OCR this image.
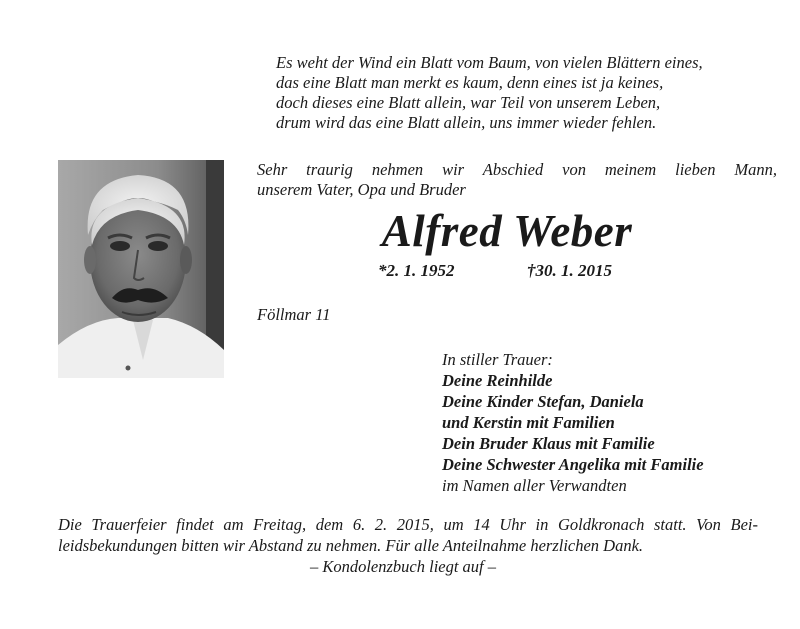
Es weht der Wind ein Blatt vom Baum, von vielen Blättern eines,
das eine Blatt man merkt es kaum, denn eines ist ja keines,
doch dieses eine Blatt allein, war Teil von unserem Leben,
drum wird das eine Blatt allein, uns immer wieder fehlen.
Sehr traurig nehmen wir Abschied von meinem lieben Mann,
unserem Vater, Opa und Bruder
Alfred Weber
*2. 1. 1952	†30. 1. 2015
Föllmar 11
In stiller Trauer:
Deine Reinhilde
Deine Kinder Stefan, Daniela
und Kerstin mit Familien
Dein Bruder Klaus mit Familie
Deine Schwester Angelika mit Familie
im Namen aller Verwandten
Die Trauerfeier findet am Freitag, dem 6. 2. 2015, um 14 Uhr in Goldkronach statt. Von Bei-
leidsbekundungen bitten wir Abstand zu nehmen. Für alle Anteilnahme herzlichen Dank.
– Kondolenzbuch liegt auf –
